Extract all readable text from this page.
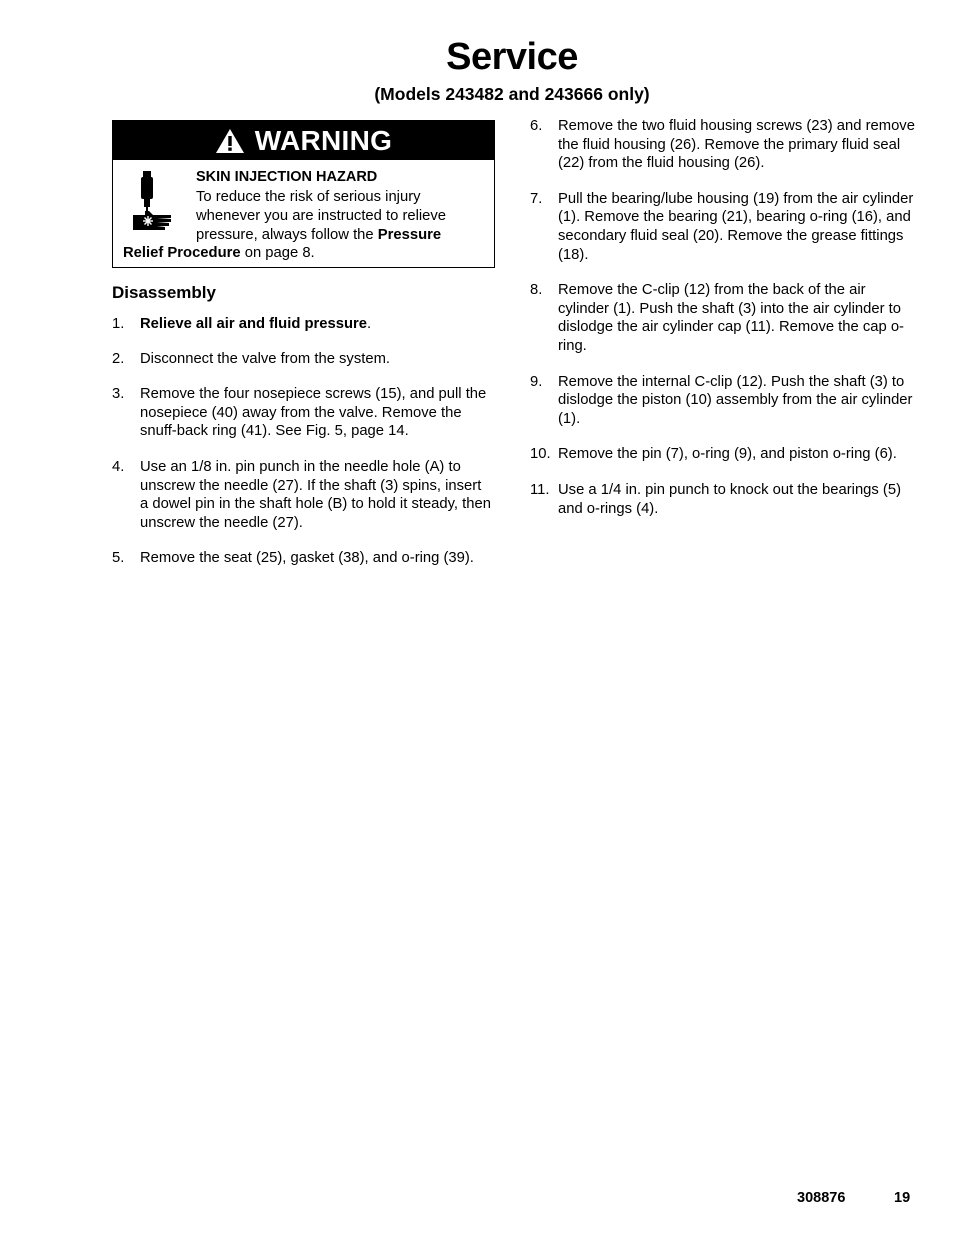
Service
(Models 243482 and 243666 only)
WARNING
SKIN INJECTION HAZARD
To reduce the risk of serious injury whenever you are instructed to relieve pressure, always follow the Pressure
Relief Procedure on page 8.
Disassembly
1. Relieve all air and fluid pressure.
2. Disconnect the valve from the system.
3. Remove the four nosepiece screws (15), and pull the nosepiece (40) away from the valve. Remove the snuff-back ring (41). See Fig. 5, page 14.
4. Use an 1/8 in. pin punch in the needle hole (A) to unscrew the needle (27). If the shaft (3) spins, insert a dowel pin in the shaft hole (B) to hold it steady, then unscrew the needle (27).
5. Remove the seat (25), gasket (38), and o-ring (39).
6. Remove the two fluid housing screws (23) and remove the fluid housing (26). Remove the primary fluid seal (22) from the fluid housing (26).
7. Pull the bearing/lube housing (19) from the air cylinder (1). Remove the bearing (21), bearing o-ring (16), and secondary fluid seal (20). Remove the grease fittings (18).
8. Remove the C-clip (12) from the back of the air cylinder (1). Push the shaft (3) into the air cylinder to dislodge the air cylinder cap (11). Remove the cap o-ring.
9. Remove the internal C-clip (12). Push the shaft (3) to dislodge the piston (10) assembly from the air cylinder (1).
10. Remove the pin (7), o-ring (9), and piston o-ring (6).
11. Use a 1/4 in. pin punch to knock out the bearings (5) and o-rings (4).
308876	19
